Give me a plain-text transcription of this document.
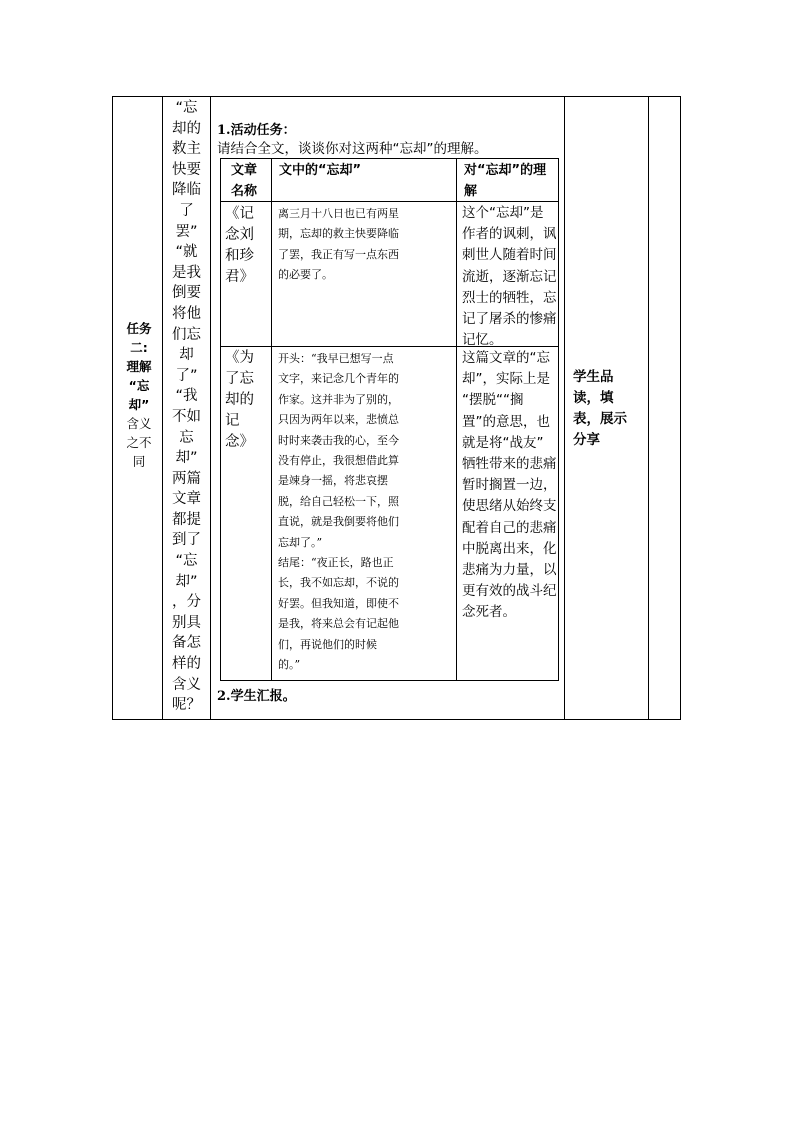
任务
二:
理解
“忘
却”
含义
之不
同
“忘
却的
救主
快要
降临
了
罢”
“就
是我
倒要
将他
们忘
却
了”
“我
不如
忘
却”
两篇
文章
都提
到了
“忘
却”
，分
别具
备怎
样的
含义
呢？
1.活动任务：
请结合全文，谈谈你对这两种“忘却”的理解。
文章
名称
文中的“忘却”	对“忘却”的理
解
《记
念刘
和珍
君》
离三月十八日也已有两星
期，忘却的救主快要降临
了罢，我正有写一点东西
的必要了。
这个“忘却”是
作者的讽刺，讽
刺世人随着时间
流逝，逐渐忘记
烈士的牺牲，忘
记了屠杀的惨痛
记忆。
《为
了忘
却的
记
念》
开头：“我早已想写一点
文字，来记念几个青年的
作家。这并非为了别的，
只因为两年以来，悲愤总
时时来袭击我的心，至今
没有停止，我很想借此算
是竦身一摇，将悲哀摆
脱，给自己轻松一下，照
直说，就是我倒要将他们
忘却了。”
结尾：“夜正长，路也正
长，我不如忘却，不说的
好罢。但我知道，即使不
是我，将来总会有记起他
们，再说他们的时候
的。”
这篇文章的“忘
却”，实际上是
“摆脱““搁
置”的意思，也
就是将“战友”
牺牲带来的悲痛
暂时搁置一边，
使思绪从始终支
配着自己的悲痛
中脱离出来，化
悲痛为力量，以
更有效的战斗纪
念死者。
2.学生汇报。
学生品
读，填
表，展示
分享
